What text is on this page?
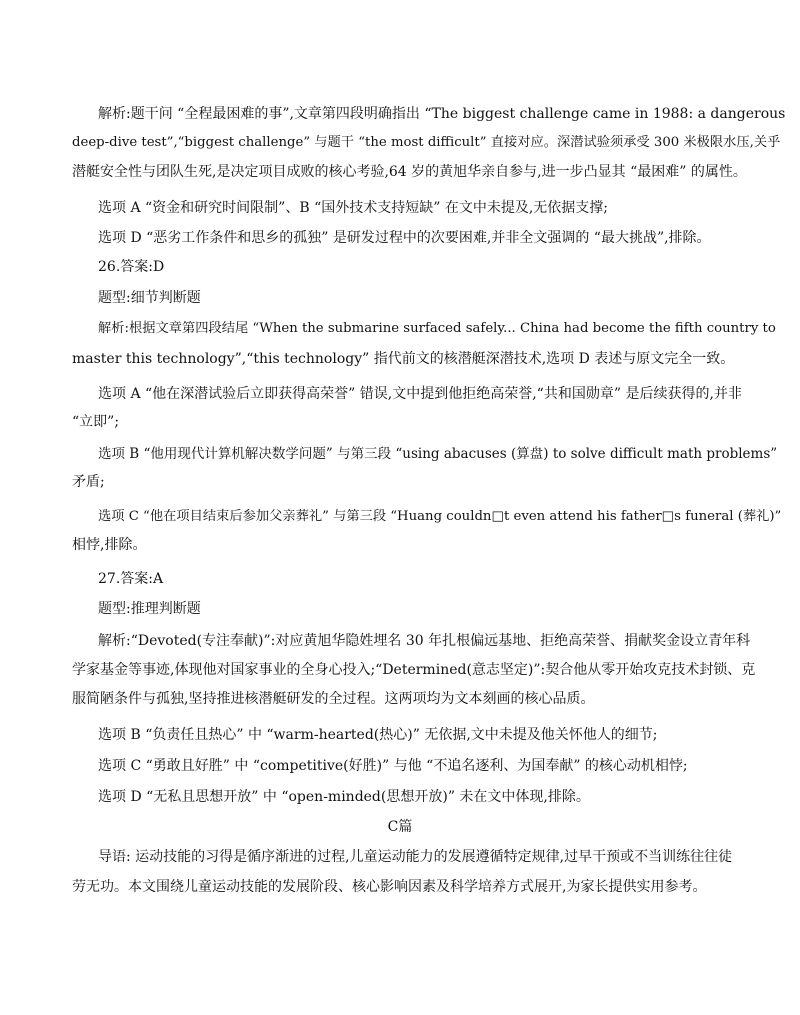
解析:题干问 “全程最困难的事”,文章第四段明确指出 “The biggest challenge came in 1988: a dangerous
deep-dive test”,“biggest challenge” 与题干 “the most difficult” 直接对应。深潜试验须承受 300 米极限水压,关乎
潜艇安全性与团队生死,是决定项目成败的核心考验,64 岁的黄旭华亲自参与,进一步凸显其 “最困难” 的属性。
选项 A “资金和研究时间限制”、B “国外技术支持短缺” 在文中未提及,无依据支撑;
选项 D “恶劣工作条件和思乡的孤独” 是研发过程中的次要困难,并非全文强调的 “最大挑战”,排除。
26.答案:D
题型:细节判断题
解析:根据文章第四段结尾 “When the submarine surfaced safely... China had become the fifth country to
master this technology”,“this technology” 指代前文的核潜艇深潜技术,选项 D 表述与原文完全一致。
选项 A “他在深潜试验后立即获得高荣誉” 错误,文中提到他拒绝高荣誉,“共和国勋章” 是后续获得的,并非
“立即”;
选项 B “他用现代计算机解决数学问题” 与第三段 “using abacuses (算盘) to solve difficult math problems”
矛盾;
选项 C “他在项目结束后参加父亲葬礼” 与第三段 “Huang couldn□t even attend his father□s funeral (葬礼)”
相悖,排除。
27.答案:A
题型:推理判断题
解析:“Devoted(专注奉献)”:对应黄旭华隐姓埋名 30 年扎根偏远基地、拒绝高荣誉、捐献奖金设立青年科
学家基金等事迹,体现他对国家事业的全身心投入;“Determined(意志坚定)”:契合他从零开始攻克技术封锁、克
服简陋条件与孤独,坚持推进核潜艇研发的全过程。这两项均为文本刻画的核心品质。
选项 B “负责任且热心” 中 “warm-hearted(热心)” 无依据,文中未提及他关怀他人的细节;
选项 C “勇敢且好胜” 中 “competitive(好胜)” 与他 “不追名逐利、为国奉献” 的核心动机相悖;
选项 D “无私且思想开放” 中 “open-minded(思想开放)” 未在文中体现,排除。
C篇
导语: 运动技能的习得是循序渐进的过程,儿童运动能力的发展遵循特定规律,过早干预或不当训练往往徒
劳无功。本文围绕儿童运动技能的发展阶段、核心影响因素及科学培养方式展开,为家长提供实用参考。
